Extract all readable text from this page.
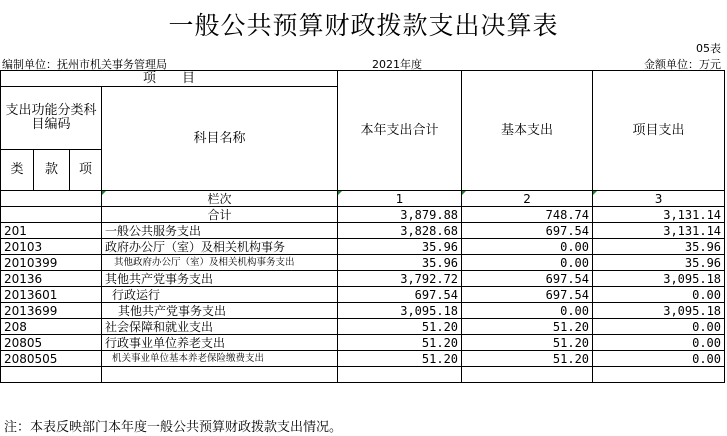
一般公共预算财政拨款支出决算表
05表
编制单位：抚州市机关事务管理局	2021年度	金额单位：万元
项　　目				本年支出合计	基本支出	项目支出
支出功能分类科目编码			科目名称			
类	款	项				
			栏次	1	2	3
			合计	3,879.88	748.74	3,131.14
201			一般公共服务支出	3,828.68	697.54	3,131.14
20103			政府办公厅（室）及相关机构事务	35.96	0.00	35.96
2010399			其他政府办公厅（室）及相关机构事务支出	35.96	0.00	35.96
20136			其他共产党事务支出	3,792.72	697.54	3,095.18
2013601			行政运行	697.54	697.54	0.00
2013699			其他共产党事务支出	3,095.18	0.00	3,095.18
208			社会保障和就业支出	51.20	51.20	0.00
20805			行政事业单位养老支出	51.20	51.20	0.00
2080505			机关事业单位基本养老保险缴费支出	51.20	51.20	0.00

注：本表反映部门本年度一般公共预算财政拨款支出情况。
